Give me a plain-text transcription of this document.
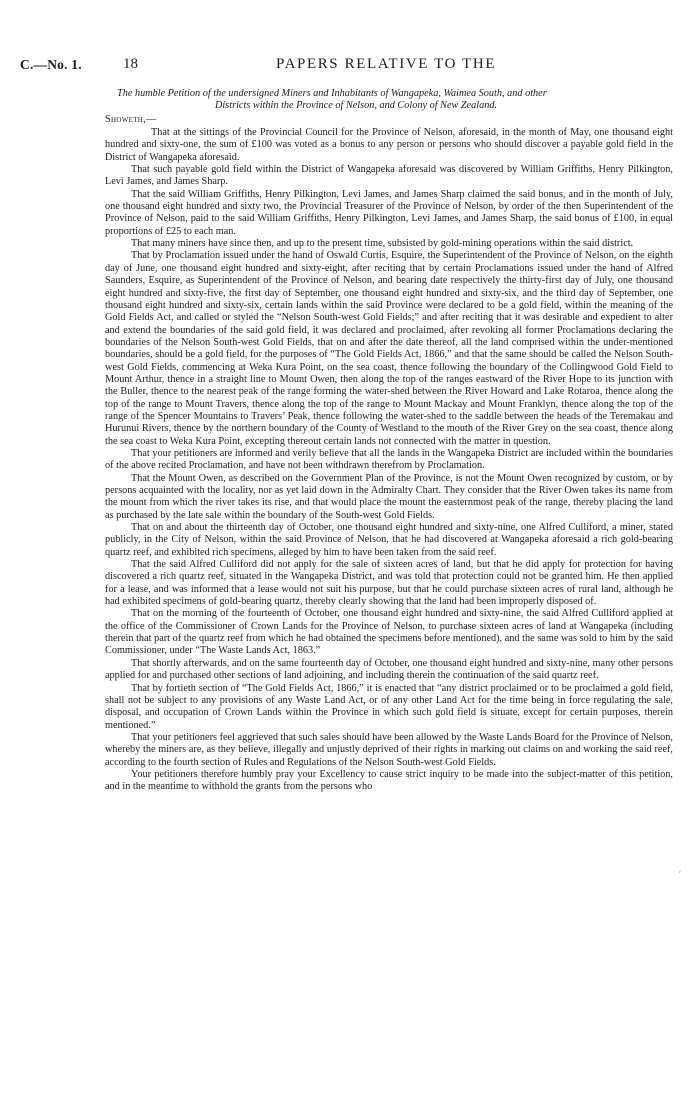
C.—No. 1.	18	PAPERS RELATIVE TO THE

The humble Petition of the undersigned Miners and Inhabitants of Wangapeka, Waimea South, and other
Districts within the Province of Nelson, and Colony of New Zealand.

Showeth,—

That at the sittings of the Provincial Council for the Province of Nelson, aforesaid, in the month of May, one thousand eight hundred and sixty-one, the sum of £100 was voted as a bonus to any person or persons who should discover a payable gold field in the District of Wangapeka aforesaid.

That such payable gold field within the District of Wangapeka aforesaid was discovered by William Griffiths, Henry Pilkington, Levi James, and James Sharp.

That the said William Griffiths, Henry Pilkington, Levi James, and James Sharp claimed the said bonus, and in the month of July, one thousand eight hundred and sixty two, the Provincial Treasurer of the Province of Nelson, by order of the then Superintendent of the Province of Nelson, paid to the said William Griffiths, Henry Pilkington, Levi James, and James Sharp, the said bonus of £100, in equal proportions of £25 to each man.

That many miners have since then, and up to the present time, subsisted by gold-mining operations within the said district.

That by Proclamation issued under the hand of Oswald Curtis, Esquire, the Superintendent of the Province of Nelson, on the eighth day of June, one thousand eight hundred and sixty-eight, after reciting that by certain Proclamations issued under the hand of Alfred Saunders, Esquire, as Superintendent of the Province of Nelson, and bearing date respectively the thirty-first day of July, one thousand eight hundred and sixty-five, the first day of September, one thousand eight hundred and sixty-six, and the third day of September, one thousand eight hundred and sixty-six, certain lands within the said Province were declared to be a gold field, within the meaning of the Gold Fields Act, and called or styled the “Nelson South-west Gold Fields;” and after reciting that it was desirable and expedient to alter and extend the boundaries of the said gold field, it was declared and proclaimed, after revoking all former Proclamations declaring the boundaries of the Nelson South-west Gold Fields, that on and after the date thereof, all the land comprised within the under-mentioned boundaries, should be a gold field, for the purposes of “The Gold Fields Act, 1866,” and that the same should be called the Nelson South-west Gold Fields, commencing at Weka Kura Point, on the sea coast, thence following the boundary of the Collingwood Gold Field to Mount Arthur, thence in a straight line to Mount Owen, then along the top of the ranges eastward of the River Hope to its junction with the Buller, thence to the nearest peak of the range forming the water-shed between the River Howard and Lake Rotaroa, thence along the top of the range to Mount Travers, thence along the top of the range to Mount Mackay and Mount Franklyn, thence along the top of the range of the Spencer Mountains to Travers’ Peak, thence following the water-shed to the saddle between the heads of the Teremakau and Hurunui Rivers, thence by the northern boundary of the County of Westland to the mouth of the River Grey on the sea coast, thence along the sea coast to Weka Kura Point, excepting thereout certain lands not connected with the matter in question.

That your petitioners are informed and verily believe that all the lands in the Wangapeka District are included within the boundaries of the above recited Proclamation, and have not been withdrawn therefrom by Proclamation.

That the Mount Owen, as described on the Government Plan of the Province, is not the Mount Owen recognized by custom, or by persons acquainted with the locality, nor as yet laid down in the Admiralty Chart. They consider that the River Owen takes its name from the mount from which the river takes its rise, and that would place the mount the easternmost peak of the range, thereby placing the land as purchased by the late sale within the boundary of the South-west Gold Fields.

That on and about the thirteenth day of October, one thousand eight hundred and sixty-nine, one Alfred Culliford, a miner, stated publicly, in the City of Nelson, within the said Province of Nelson, that he had discovered at Wangapeka aforesaid a rich gold-bearing quartz reef, and exhibited rich specimens, alleged by him to have been taken from the said reef.

That the said Alfred Culliford did not apply for the sale of sixteen acres of land, but that he did apply for protection for having discovered a rich quartz reef, situated in the Wangapeka District, and was told that protection could not be granted him. He then applied for a lease, and was informed that a lease would not suit his purpose, but that he could purchase sixteen acres of rural land, although he had exhibited specimens of gold-bearing quartz, thereby clearly showing that the land had been improperly disposed of.

That on the morning of the fourteenth of October, one thousand eight hundred and sixty-nine, the said Alfred Culliford applied at the office of the Commissioner of Crown Lands for the Province of Nelson, to purchase sixteen acres of land at Wangapeka (including therein that part of the quartz reef from which he had obtained the specimens before mentioned), and the same was sold to him by the said Commissioner, under “The Waste Lands Act, 1863.”

That shortly afterwards, and on the same fourteenth day of October, one thousand eight hundred and sixty-nine, many other persons applied for and purchased other sections of land adjoining, and including therein the continuation of the said quartz reef.

That by fortieth section of “The Gold Fields Act, 1866,” it is enacted that “any district proclaimed or to be proclaimed a gold field, shall not be subject to any provisions of any Waste Land Act, or of any other Land Act for the time being in force regulating the sale, disposal, and occupation of Crown Lands within the Province in which such gold field is situate, except for certain purposes, therein mentioned.”

That your petitioners feel aggrieved that such sales should have been allowed by the Waste Lands Board for the Province of Nelson, whereby the miners are, as they believe, illegally and unjustly deprived of their rights in marking out claims on and working the said reef, according to the fourth section of Rules and Regulations of the Nelson South-west Gold Fields.

Your petitioners therefore humbly pray your Excellency to cause strict inquiry to be made into the subject-matter of this petition, and in the meantime to withhold the grants from the persons who

ʹ
